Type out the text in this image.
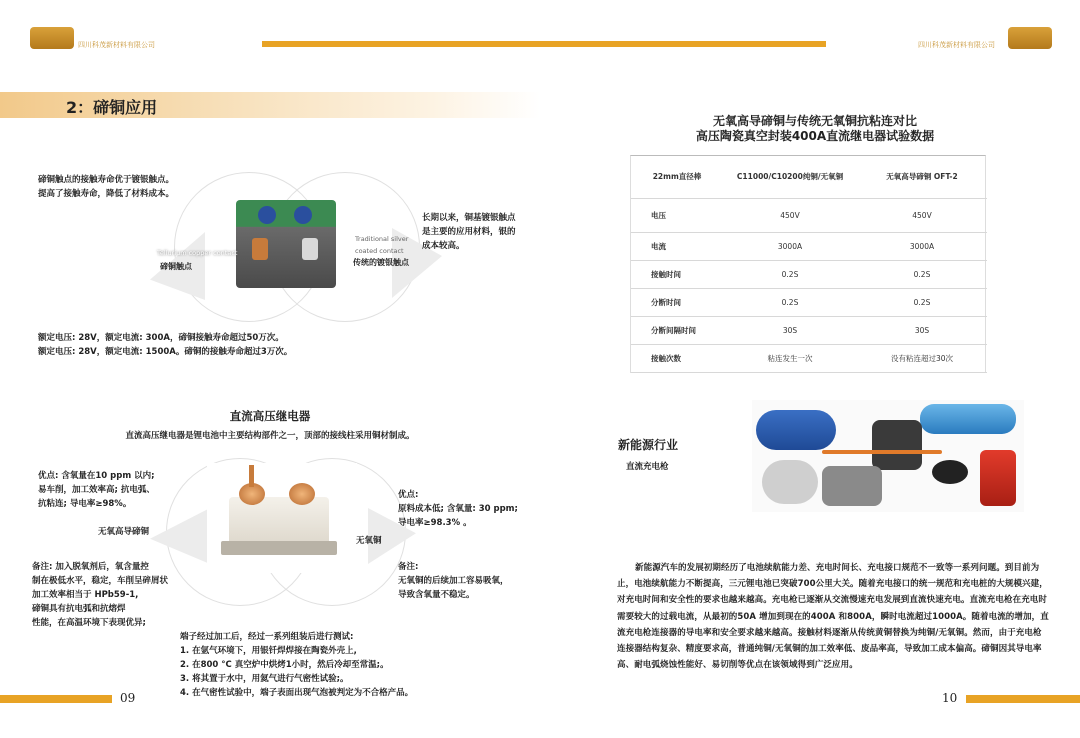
四川科茂新材料有限公司	四川科茂新材料有限公司
2：碲铜应用
碲铜触点的接触寿命优于镀银触点。
提高了接触寿命，降低了材料成本。
Tellurium copper contact
碲铜触点
Traditional silver
coated contact
传统的镀银触点
长期以来，铜基镀银触点
是主要的应用材料，银的
成本较高。
额定电压: 28V，额定电流: 300A，碲铜接触寿命超过50万次。
额定电压: 28V，额定电流: 1500A。碲铜的接触寿命超过3万次。
直流高压继电器
直流高压继电器是锂电池中主要结构部件之一，顶部的接线柱采用铜材制成。
优点: 含氧量在10 ppm 以内;
易车削，加工效率高; 抗电弧、
抗粘连; 导电率≥98%。
无氧高导碲铜
无氧铜
优点:
原料成本低; 含氧量: 30 ppm;
导电率≥98.3% 。
备注: 加入脱氧剂后，氧含量控
制在极低水平，稳定，车削呈碎屑状
加工效率相当于 HPb59-1,
碲铜具有抗电弧和抗熔焊
性能，在高温环境下表现优异;
备注:
无氧铜的后续加工容易吸氧，
导致含氧量不稳定。
端子经过加工后，经过一系列组装后进行测试:
1. 在氩气环境下，用银钎焊焊接在陶瓷外壳上,
2. 在800 °C 真空炉中烘烤1小时，然后冷却至常温;。
3. 将其置于水中，用氦气进行气密性试验;。
4. 在气密性试验中，端子表面出现气泡被判定为不合格产品。
09
无氧高导碲铜与传统无氧铜抗粘连对比
高压陶瓷真空封装400A直流继电器试验数据
22mm直径棒	C11000/C10200纯铜/无氧铜	无氧高导碲铜 OFT-2
电压	450V	450V
电流	3000A	3000A
接触时间	0.2S	0.2S
分断时间	0.2S	0.2S
分断间隔时间	30S	30S
接触次数	粘连发生一次	没有粘连超过30次
新能源行业
直流充电枪
新能源汽车的发展初期经历了电池续航能力差、充电时间长、充电接口规范不一致等一系列问题。到目前为止，电池续航能力不断提高，三元锂电池已突破700公里大关。随着充电接口的统一规范和充电桩的大规模兴建，对充电时间和安全性的要求也越来越高。充电枪已逐渐从交流慢速充电发展到直流快速充电。直流充电枪在充电时需要较大的过载电流，从最初的50A 增加到现在的400A 和800A，瞬时电流超过1000A。随着电流的增加，直流充电枪连接器的导电率和安全要求越来越高。接触材料逐渐从传统黄铜替换为纯铜/无氧铜。然而，由于充电枪连接器结构复杂、精度要求高，普通纯铜/无氧铜的加工效率低、废品率高，导致加工成本偏高。碲铜因其导电率高、耐电弧烧蚀性能好、易切削等优点在该领域得到广泛应用。
10
